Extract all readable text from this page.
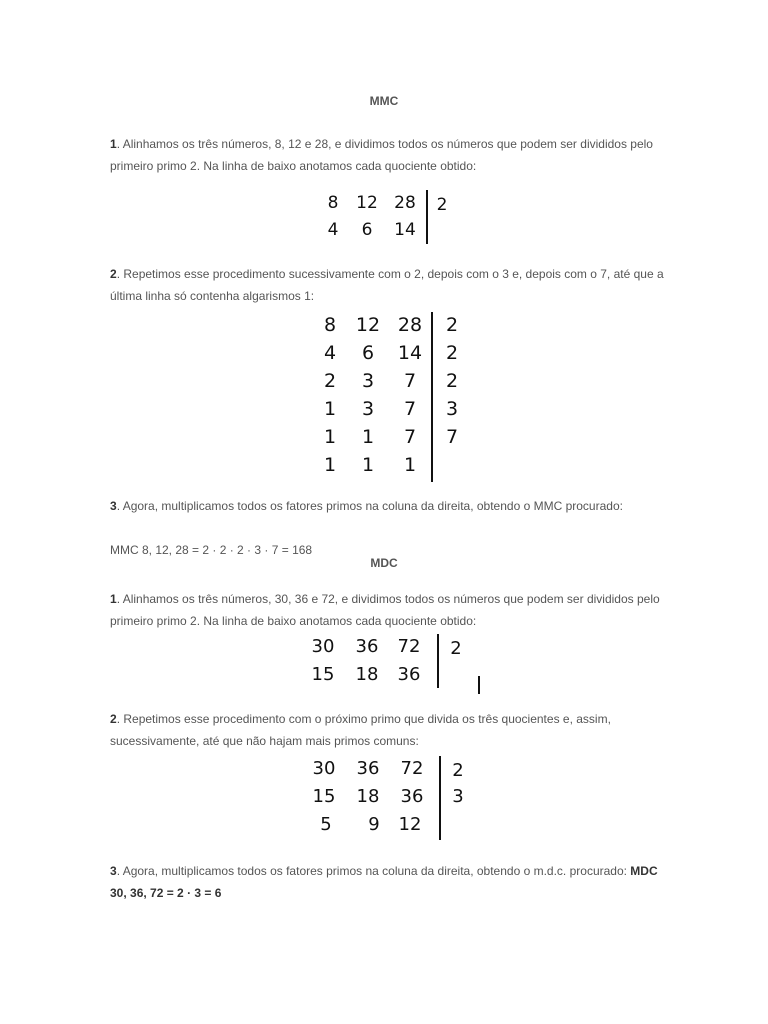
MMC
1. Alinhamos os três números, 8, 12 e 28, e dividimos todos os números que podem ser divididos pelo primeiro primo 2. Na linha de baixo anotamos cada quociente obtido:
8	12 28	2
4	6	14
2. Repetimos esse procedimento sucessivamente com o 2, depois com o 3 e, depois com o 7, até que a última linha só contenha algarismos 1:
8	12 28	2
4	6	14	2
2	3	7	2
1	3	7	3
1	1	7	7
1	1	1
3. Agora, multiplicamos todos os fatores primos na coluna da direita, obtendo o MMC procurado:
MMC 8, 12, 28 = 2 · 2 · 2 · 3 · 7 = 168
MDC
1. Alinhamos os três números, 30, 36 e 72, e dividimos todos os números que podem ser divididos pelo primeiro primo 2. Na linha de baixo anotamos cada quociente obtido:
30	36	72	2
15	18	36
2. Repetimos esse procedimento com o próximo primo que divida os três quocientes e, assim, sucessivamente, até que não hajam mais primos comuns:
30	36	72	2
15	18	36	3
5	9	12
3. Agora, multiplicamos todos os fatores primos na coluna da direita, obtendo o m.d.c. procurado: MDC 30, 36, 72 = 2 · 3 = 6
